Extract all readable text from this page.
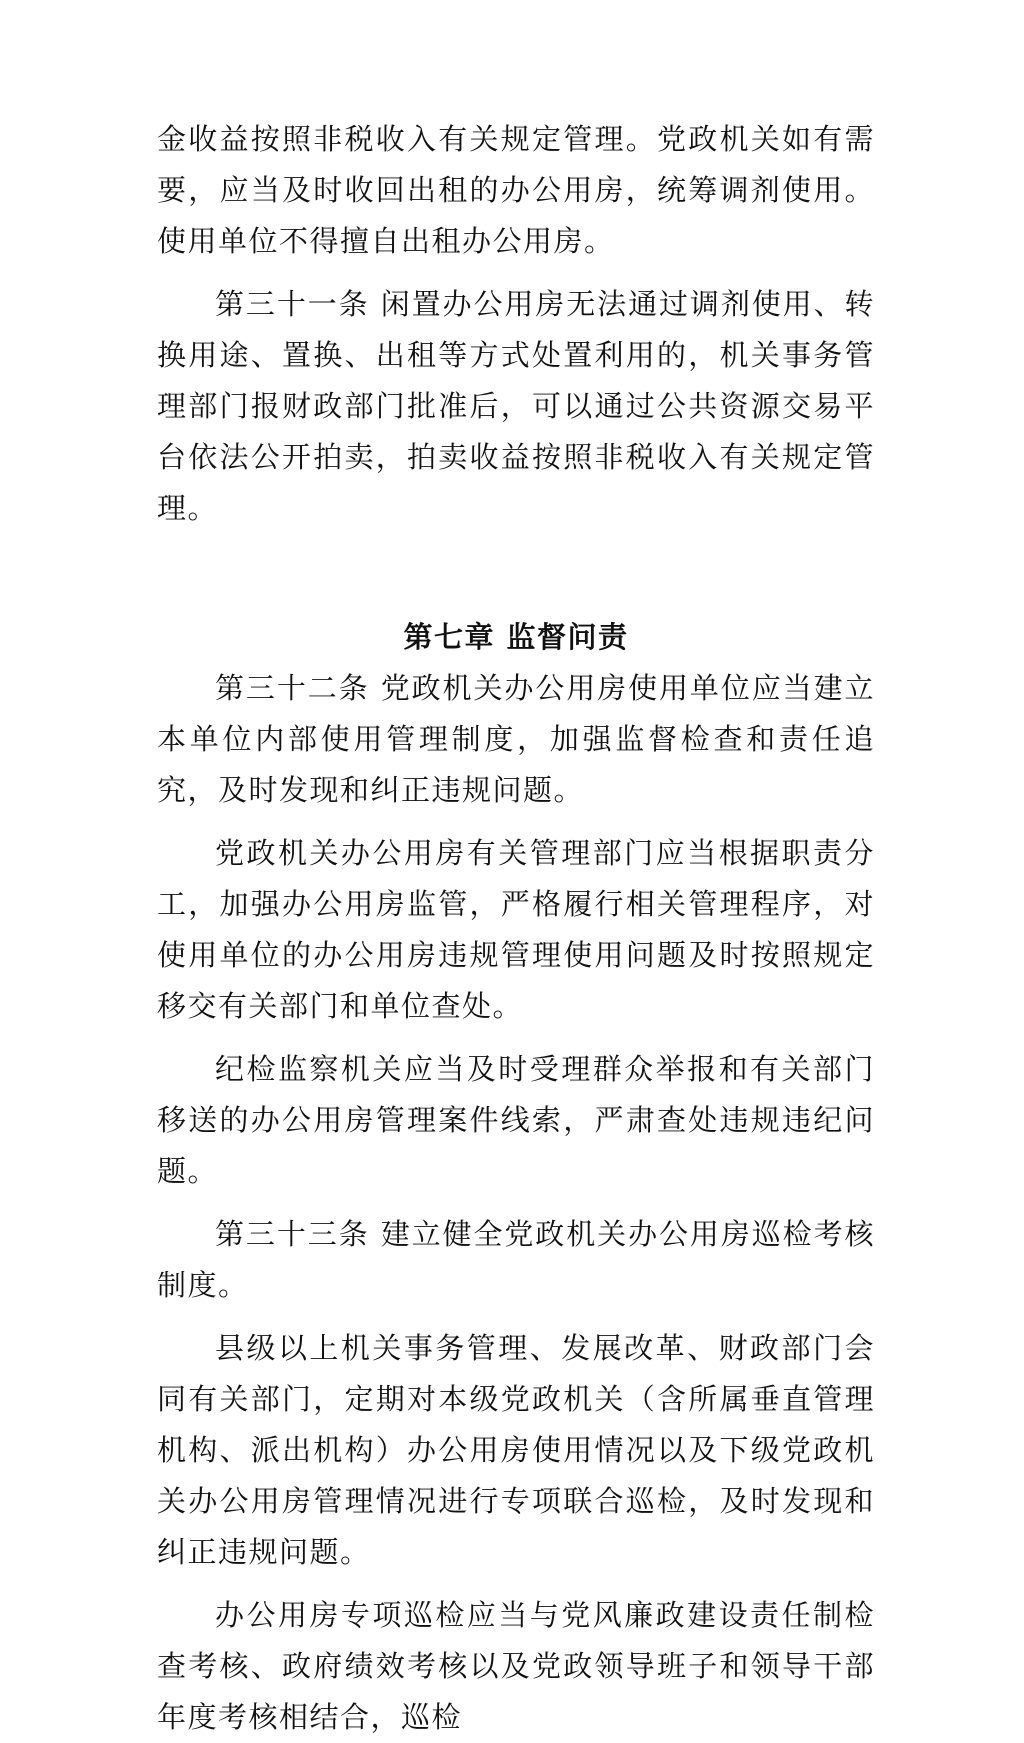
金收益按照非税收入有关规定管理。党政机关如有需要，应当及时收回出租的办公用房，统筹调剂使用。使用单位不得擅自出租办公用房。

第三十一条 闲置办公用房无法通过调剂使用、转换用途、置换、出租等方式处置利用的，机关事务管理部门报财政部门批准后，可以通过公共资源交易平台依法公开拍卖，拍卖收益按照非税收入有关规定管理。

第七章 监督问责

第三十二条 党政机关办公用房使用单位应当建立本单位内部使用管理制度，加强监督检查和责任追究，及时发现和纠正违规问题。

党政机关办公用房有关管理部门应当根据职责分工，加强办公用房监管，严格履行相关管理程序，对使用单位的办公用房违规管理使用问题及时按照规定移交有关部门和单位查处。

纪检监察机关应当及时受理群众举报和有关部门移送的办公用房管理案件线索，严肃查处违规违纪问题。

第三十三条 建立健全党政机关办公用房巡检考核制度。

县级以上机关事务管理、发展改革、财政部门会同有关部门，定期对本级党政机关（含所属垂直管理机构、派出机构）办公用房使用情况以及下级党政机关办公用房管理情况进行专项联合巡检，及时发现和纠正违规问题。

办公用房专项巡检应当与党风廉政建设责任制检查考核、政府绩效考核以及党政领导班子和领导干部年度考核相结合，巡检
